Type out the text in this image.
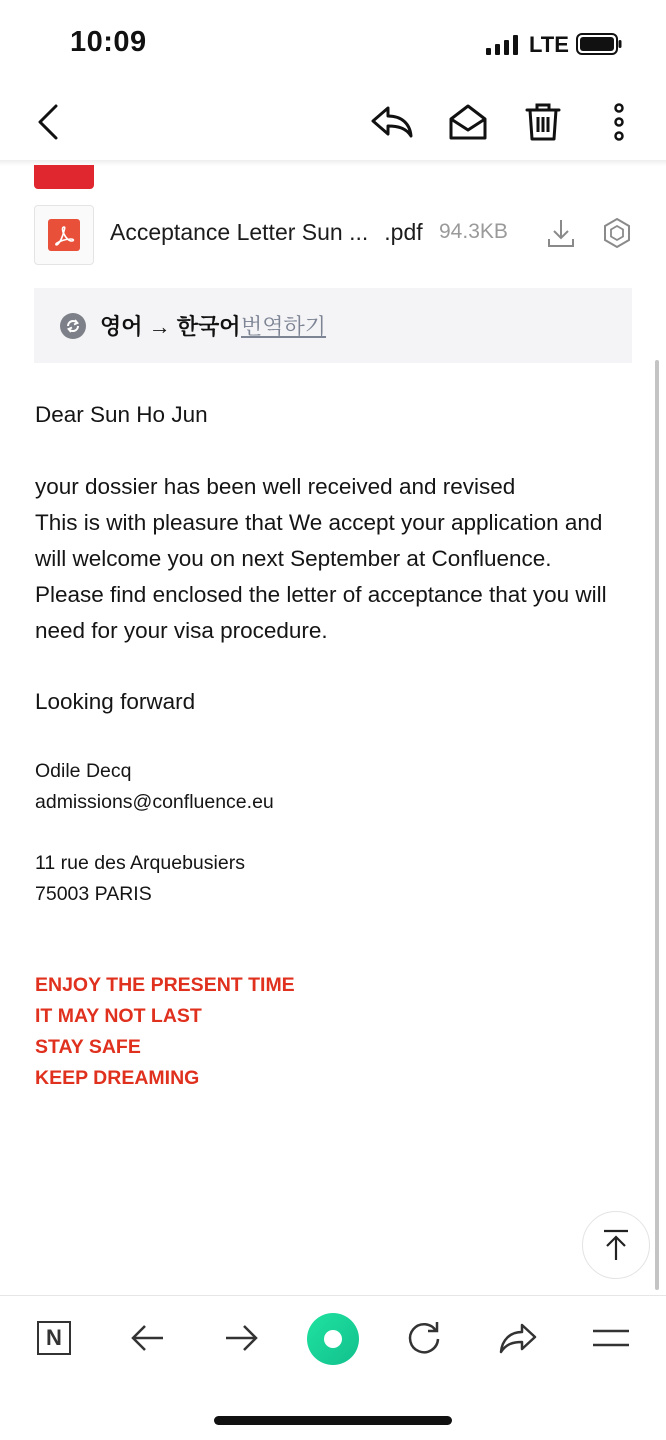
10:09	LTE
Acceptance Letter Sun ... .pdf 94.3KB
영어 → 한국어 번역하기
Dear Sun Ho Jun
your dossier has been well received and revised
This is with pleasure that We accept your application and
will welcome you on next September at Confluence.
Please find enclosed the letter of acceptance that you will
need for your visa procedure.
Looking forward
Odile Decq
admissions@confluence.eu
11 rue des Arquebusiers
75003 PARIS
ENJOY THE PRESENT TIME
IT MAY NOT LAST
STAY SAFE
KEEP DREAMING
N
